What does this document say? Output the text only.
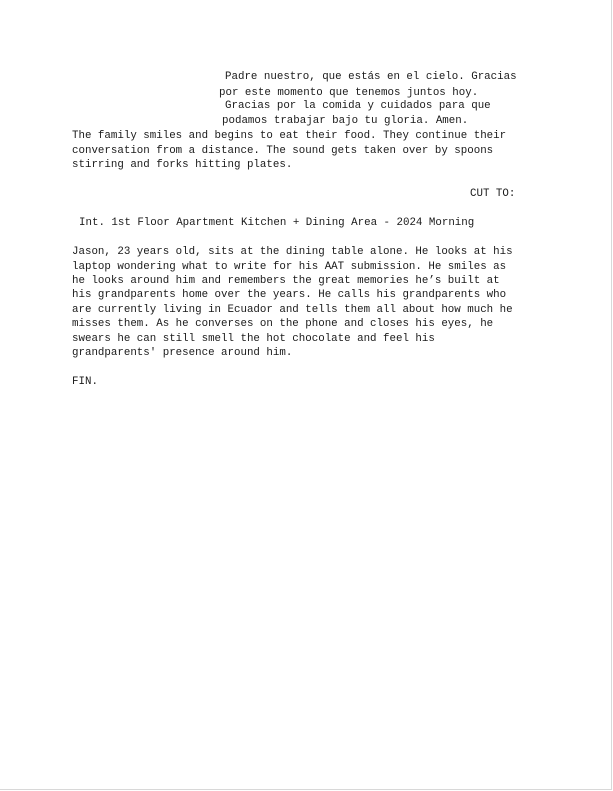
Padre nuestro, que estás en el cielo. Gracias
por este momento que tenemos juntos hoy.
Gracias por la comida y cuidados para que
podamos trabajar bajo tu gloria. Amen.
The family smiles and begins to eat their food. They continue their
conversation from a distance. The sound gets taken over by spoons
stirring and forks hitting plates.
CUT TO:
Int. 1st Floor Apartment Kitchen + Dining Area - 2024 Morning
Jason, 23 years old, sits at the dining table alone. He looks at his
laptop wondering what to write for his AAT submission. He smiles as
he looks around him and remembers the great memories he’s built at
his grandparents home over the years. He calls his grandparents who
are currently living in Ecuador and tells them all about how much he
misses them. As he converses on the phone and closes his eyes, he
swears he can still smell the hot chocolate and feel his
grandparents' presence around him.
FIN.
